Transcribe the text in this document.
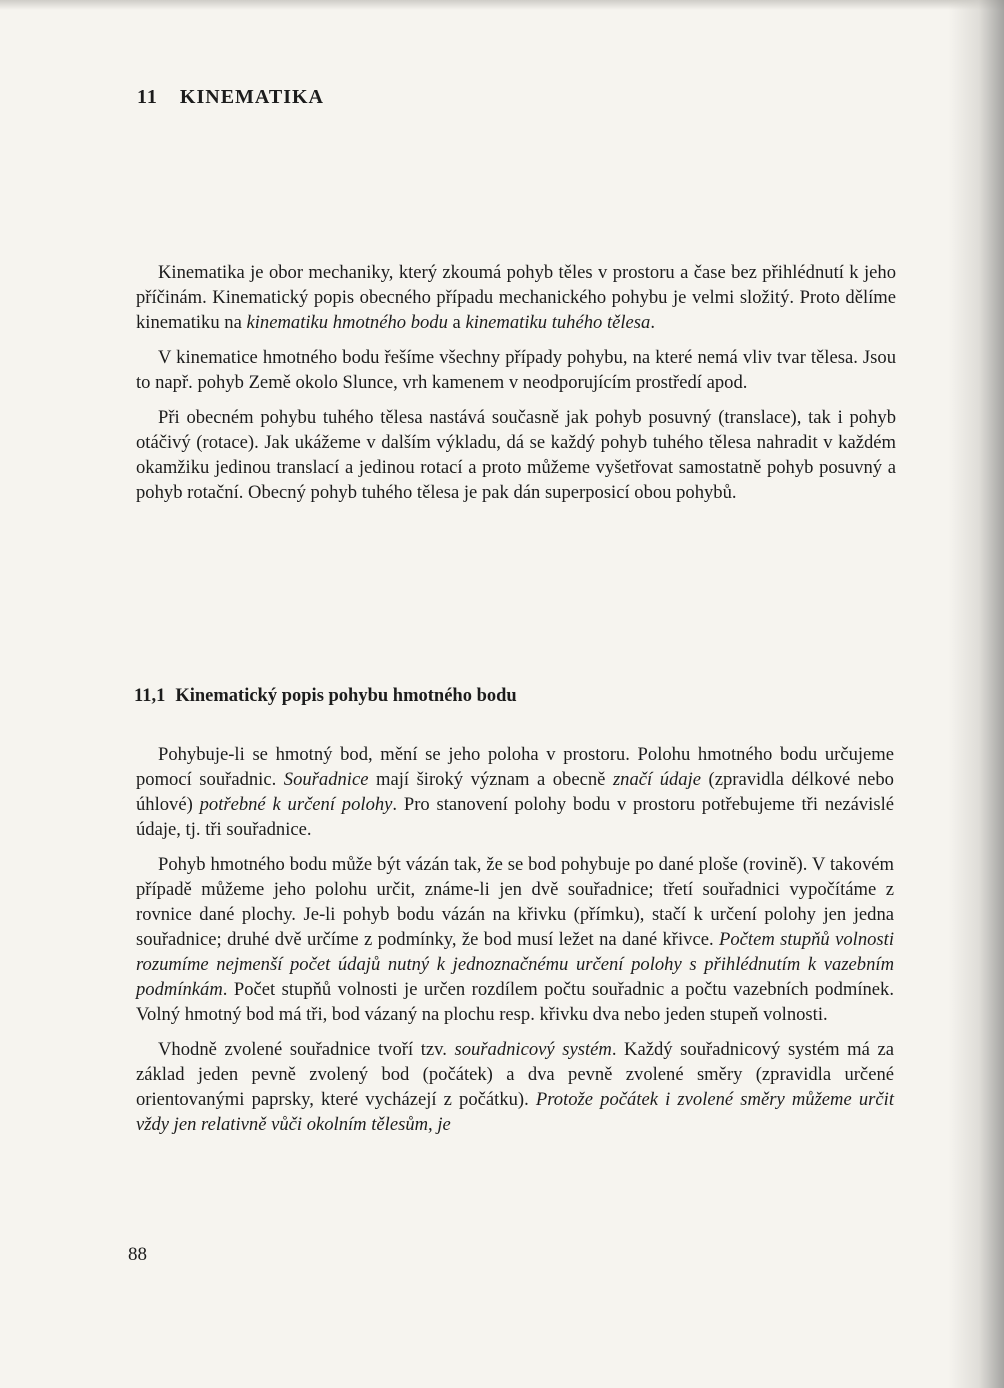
11 KINEMATIKA

Kinematika je obor mechaniky, který zkoumá pohyb těles v prostoru a čase bez přihlédnutí k jeho příčinám. Kinematický popis obecného případu mechanického pohybu je velmi složitý. Proto dělíme kinematiku na kinematiku hmotného bodu a kinematiku tuhého tělesa.

V kinematice hmotného bodu řešíme všechny případy pohybu, na které nemá vliv tvar tělesa. Jsou to např. pohyb Země okolo Slunce, vrh kamenem v neodporujícím prostředí apod.

Při obecném pohybu tuhého tělesa nastává současně jak pohyb posuvný (translace), tak i pohyb otáčivý (rotace). Jak ukážeme v dalším výkladu, dá se každý pohyb tuhého tělesa nahradit v každém okamžiku jedinou translací a jedinou rotací a proto můžeme vyšetřovat samostatně pohyb posuvný a pohyb rotační. Obecný pohyb tuhého tělesa je pak dán superposicí obou pohybů.

11,1 Kinematický popis pohybu hmotného bodu

Pohybuje-li se hmotný bod, mění se jeho poloha v prostoru. Polohu hmotného bodu určujeme pomocí souřadnic. Souřadnice mají široký význam a obecně značí údaje (zpravidla délkové nebo úhlové) potřebné k určení polohy. Pro stanovení polohy bodu v prostoru potřebujeme tři nezávislé údaje, tj. tři souřadnice.

Pohyb hmotného bodu může být vázán tak, že se bod pohybuje po dané ploše (rovině). V takovém případě můžeme jeho polohu určit, známe-li jen dvě souřadnice; třetí souřadnici vypočítáme z rovnice dané plochy. Je-li pohyb bodu vázán na křivku (přímku), stačí k určení polohy jen jedna souřadnice; druhé dvě určíme z podmínky, že bod musí ležet na dané křivce. Počtem stupňů volnosti rozumíme nejmenší počet údajů nutný k jednoznačnému určení polohy s přihlédnutím k vazebním podmínkám. Počet stupňů volnosti je určen rozdílem počtu souřadnic a počtu vazebních podmínek. Volný hmotný bod má tři, bod vázaný na plochu resp. křivku dva nebo jeden stupeň volnosti.

Vhodně zvolené souřadnice tvoří tzv. souřadnicový systém. Každý souřadnicový systém má za základ jeden pevně zvolený bod (počátek) a dva pevně zvolené směry (zpravidla určené orientovanými paprsky, které vycházejí z počátku). Protože počátek i zvolené směry můžeme určit vždy jen relativně vůči okolním tělesům, je

88
